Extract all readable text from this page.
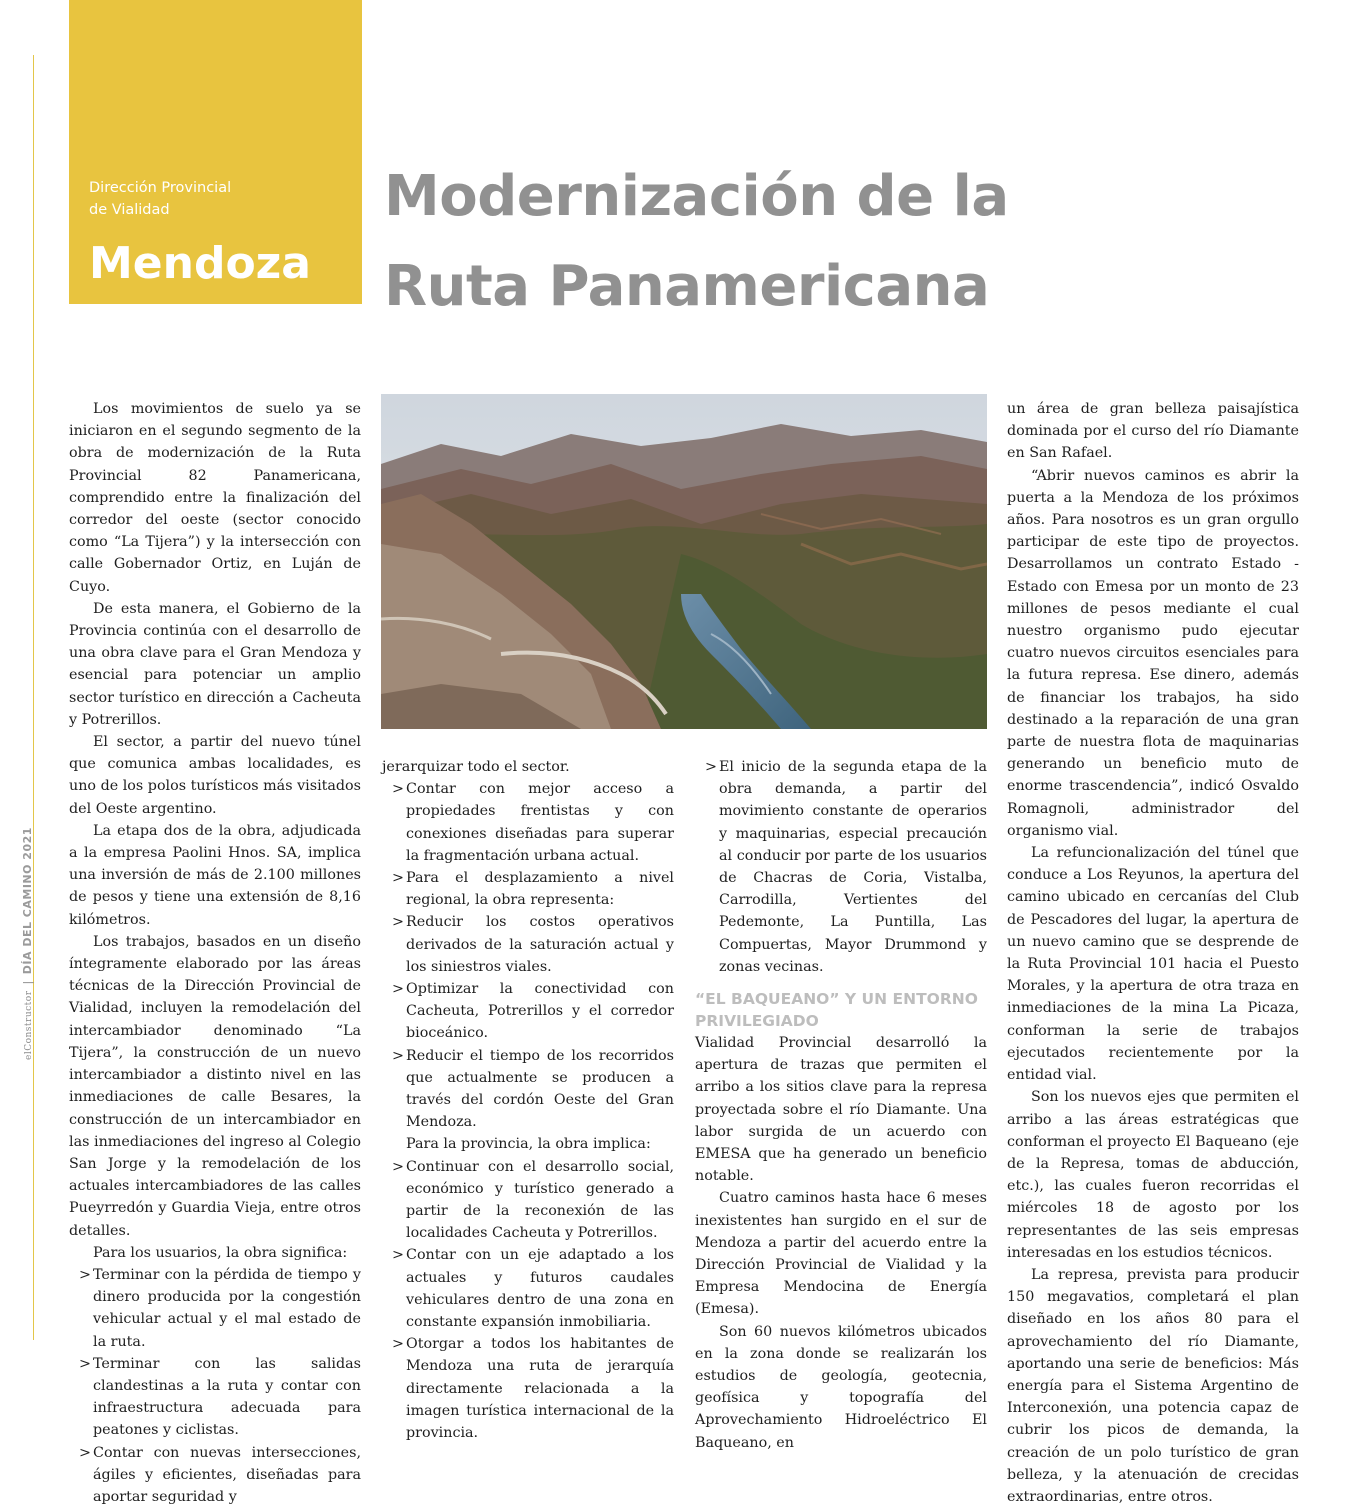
elConstructor|DÍA DEL CAMINO 2021
Dirección Provincial
de Vialidad
Mendoza
Modernización de la
Ruta Panamericana

Los movimientos de suelo ya se iniciaron en el segundo segmento de la obra de modernización de la Ruta Provincial 82 Panamericana, comprendido entre la finalización del corredor del oeste (sector conocido como “La Tijera”) y la intersección con calle Gobernador Ortiz, en Luján de Cuyo.

De esta manera, el Gobierno de la Provincia continúa con el desarrollo de una obra clave para el Gran Mendoza y esencial para potenciar un amplio sector turístico en dirección a Cacheuta y Potrerillos.

El sector, a partir del nuevo túnel que comunica ambas localidades, es uno de los polos turísticos más visitados del Oeste argentino.

La etapa dos de la obra, adjudicada a la empresa Paolini Hnos. SA, implica una inversión de más de 2.100 millones de pesos y tiene una extensión de 8,16 kilómetros.

Los trabajos, basados en un diseño íntegramente elaborado por las áreas técnicas de la Dirección Provincial de Vialidad, incluyen la remodelación del intercambiador denominado “La Tijera”, la construcción de un nuevo intercambiador a distinto nivel en las inmediaciones de calle Besares, la construcción de un intercambiador en las inmediaciones del ingreso al Colegio San Jorge y la remodelación de los actuales intercambiadores de las calles Pueyrredón y Guardia Vieja, entre otros detalles.

Para los usuarios, la obra significa:

> Terminar con la pérdida de tiempo y dinero producida por la congestión vehicular actual y el mal estado de la ruta.

> Terminar con las salidas clandestinas a la ruta y contar con infraestructura adecuada para peatones y ciclistas.

> Contar con nuevas intersecciones, ágiles y eficientes, diseñadas para aportar seguridad y

jerarquizar todo el sector.

> Contar con mejor acceso a propiedades frentistas y con conexiones diseñadas para superar la fragmentación urbana actual.

> Para el desplazamiento a nivel regional, la obra representa:

> Reducir los costos operativos derivados de la saturación actual y los siniestros viales.

> Optimizar la conectividad con Cacheuta, Potrerillos y el corredor bioceánico.

> Reducir el tiempo de los recorridos que actualmente se producen a través del cordón Oeste del Gran Mendoza.

Para la provincia, la obra implica:

> Continuar con el desarrollo social, económico y turístico generado a partir de la reconexión de las localidades Cacheuta y Potrerillos.

> Contar con un eje adaptado a los actuales y futuros caudales vehiculares dentro de una zona en constante expansión inmobiliaria.

> Otorgar a todos los habitantes de Mendoza una ruta de jerarquía directamente relacionada a la imagen turística internacional de la provincia.

> El inicio de la segunda etapa de la obra demanda, a partir del movimiento constante de operarios y maquinarias, especial precaución al conducir por parte de los usuarios de Chacras de Coria, Vistalba, Carrodilla, Vertientes del Pedemonte, La Puntilla, Las Compuertas, Mayor Drummond y zonas vecinas.

“EL BAQUEANO” Y UN ENTORNO PRIVILEGIADO

Vialidad Provincial desarrolló la apertura de trazas que permiten el arribo a los sitios clave para la represa proyectada sobre el río Diamante. Una labor surgida de un acuerdo con EMESA que ha generado un beneficio notable.

Cuatro caminos hasta hace 6 meses inexistentes han surgido en el sur de Mendoza a partir del acuerdo entre la Dirección Provincial de Vialidad y la Empresa Mendocina de Energía (Emesa).

Son 60 nuevos kilómetros ubicados en la zona donde se realizarán los estudios de geología, geotecnia, geofísica y topografía del Aprovechamiento Hidroeléctrico El Baqueano, en

un área de gran belleza paisajística dominada por el curso del río Diamante en San Rafael.

“Abrir nuevos caminos es abrir la puerta a la Mendoza de los próximos años. Para nosotros es un gran orgullo participar de este tipo de proyectos. Desarrollamos un contrato Estado - Estado con Emesa por un monto de 23 millones de pesos mediante el cual nuestro organismo pudo ejecutar cuatro nuevos circuitos esenciales para la futura represa. Ese dinero, además de financiar los trabajos, ha sido destinado a la reparación de una gran parte de nuestra flota de maquinarias generando un beneficio muto de enorme trascendencia”, indicó Osvaldo Romagnoli, administrador del organismo vial.

La refuncionalización del túnel que conduce a Los Reyunos, la apertura del camino ubicado en cercanías del Club de Pescadores del lugar, la apertura de un nuevo camino que se desprende de la Ruta Provincial 101 hacia el Puesto Morales, y la apertura de otra traza en inmediaciones de la mina La Picaza, conforman la serie de trabajos ejecutados recientemente por la entidad vial.

Son los nuevos ejes que permiten el arribo a las áreas estratégicas que conforman el proyecto El Baqueano (eje de la Represa, tomas de abducción, etc.), las cuales fueron recorridas el miércoles 18 de agosto por los representantes de las seis empresas interesadas en los estudios técnicos.

La represa, prevista para producir 150 megavatios, completará el plan diseñado en los años 80 para el aprovechamiento del río Diamante, aportando una serie de beneficios: Más energía para el Sistema Argentino de Interconexión, una potencia capaz de cubrir los picos de demanda, la creación de un polo turístico de gran belleza, y la atenuación de crecidas extraordinarias, entre otros.
